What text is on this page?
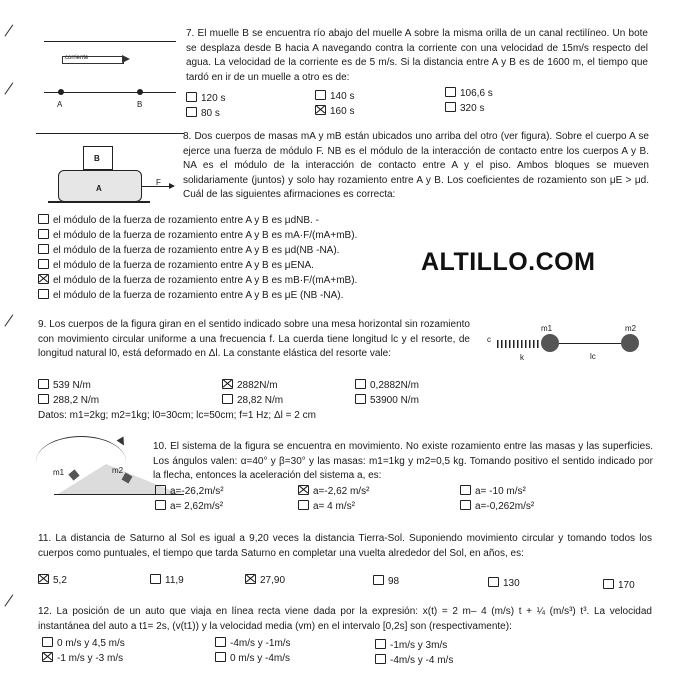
corriente
A	B
7. El muelle B se encuentra río abajo del muelle A sobre la misma orilla de un canal rectilíneo. Un bote se desplaza desde B hacia A navegando contra la corriente con una velocidad de 15m/s respecto del agua. La velocidad de la corriente es de 5 m/s. Si la distancia entre A y B es de 1600 m, el tiempo que tardó en ir de un muelle a otro es de:
120 s	140 s	106,6 s
80 s	160 s	320 s
B
A
F
8. Dos cuerpos de masas mA y mB están ubicados uno arriba del otro (ver figura). Sobre el cuerpo A se ejerce una fuerza de módulo F. NB es el módulo de la interacción de contacto entre los cuerpos A y B. NA es el módulo de la interacción de contacto entre A y el piso. Ambos bloques se mueven solidariamente (juntos) y solo hay rozamiento entre A y B. Los coeficientes de rozamiento son μE > μd. Cuál de las siguientes afirmaciones es correcta:
el módulo de la fuerza de rozamiento entre A y B es μdNB. -
el módulo de la fuerza de rozamiento entre A y B es mA·F/(mA+mB).
el módulo de la fuerza de rozamiento entre A y B es μd(NB -NA).
el módulo de la fuerza de rozamiento entre A y B es μENA.
el módulo de la fuerza de rozamiento entre A y B es mB·F/(mA+mB).
el módulo de la fuerza de rozamiento entre A y B es μE (NB -NA).
ALTILLO.COM
9. Los cuerpos de la figura giran en el sentido indicado sobre una mesa horizontal sin rozamiento con movimiento circular uniforme a una frecuencia f. La cuerda tiene longitud lc y el resorte, de longitud natural l0, está deformado en Δl. La constante elástica del resorte vale:
c
k
m1
lc
m2
539 N/m	2882N/m	0,2882N/m
288,2 N/m	28,82 N/m	53900 N/m
Datos: m1=2kg; m2=1kg; l0=30cm; lc=50cm; f=1 Hz; Δl = 2 cm
m1	m2
10. El sistema de la figura se encuentra en movimiento. No existe rozamiento entre las masas y las superficies. Los ángulos valen: α=40° y β=30° y las masas: m1=1kg y m2=0,5 kg. Tomando positivo el sentido indicado por la flecha, entonces la aceleración del sistema a, es:
a=-26,2m/s²	a=-2,62 m/s²	a= -10 m/s²
a= 2,62m/s²	a= 4 m/s²	a=-0,262m/s²
11. La distancia de Saturno al Sol es igual a 9,20 veces la distancia Tierra-Sol. Suponiendo movimiento circular y tomando todos los cuerpos como puntuales, el tiempo que tarda Saturno en completar una vuelta alrededor del Sol, en años, es:
5,2	11,9	27,90	98	130	170
12. La posición de un auto que viaja en línea recta viene dada por la expresión: x(t) = 2 m– 4 (m/s) t + ¼ (m/s³) t³. La velocidad instantánea del auto a t1= 2s, (v(t1)) y la velocidad media (vm) en el intervalo [0,2s] son (respectivamente):
0 m/s y 4,5 m/s	-4m/s y -1m/s	-1m/s y 3m/s
-1 m/s y -3 m/s	0 m/s y -4m/s	-4m/s y -4 m/s
